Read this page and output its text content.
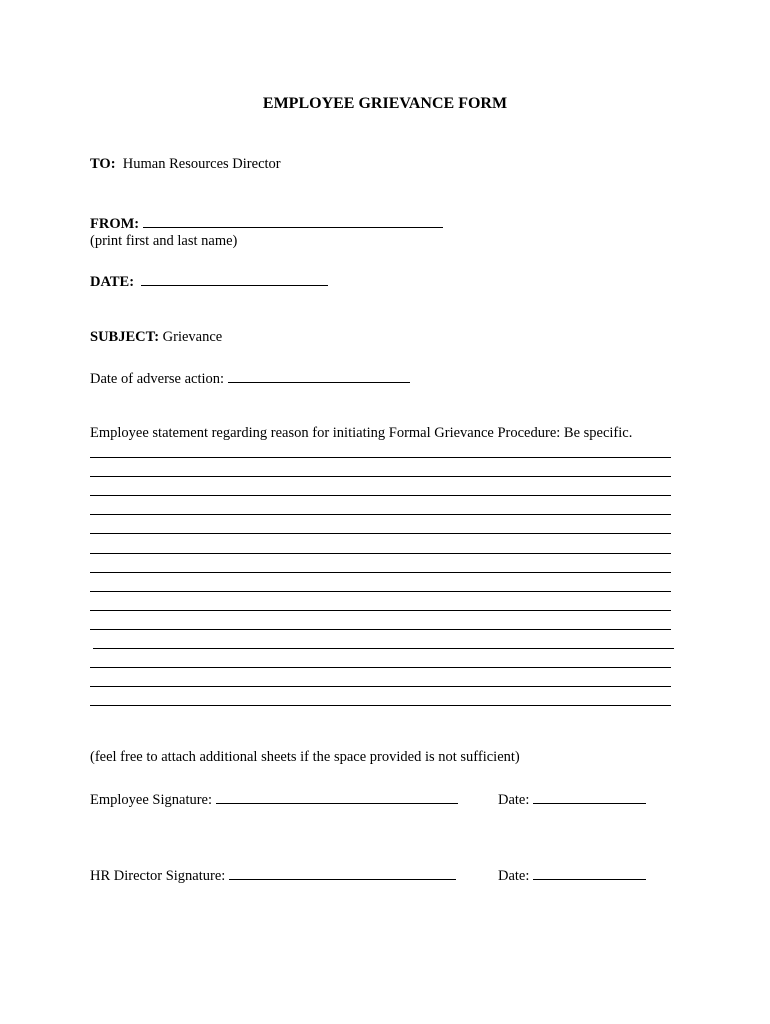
EMPLOYEE GRIEVANCE FORM
TO: Human Resources Director
FROM:
(print first and last name)
DATE:
SUBJECT: Grievance
Date of adverse action:
Employee statement regarding reason for initiating Formal Grievance Procedure: Be specific.
(feel free to attach additional sheets if the space provided is not sufficient)
Employee Signature:	Date:
HR Director Signature:	Date:
